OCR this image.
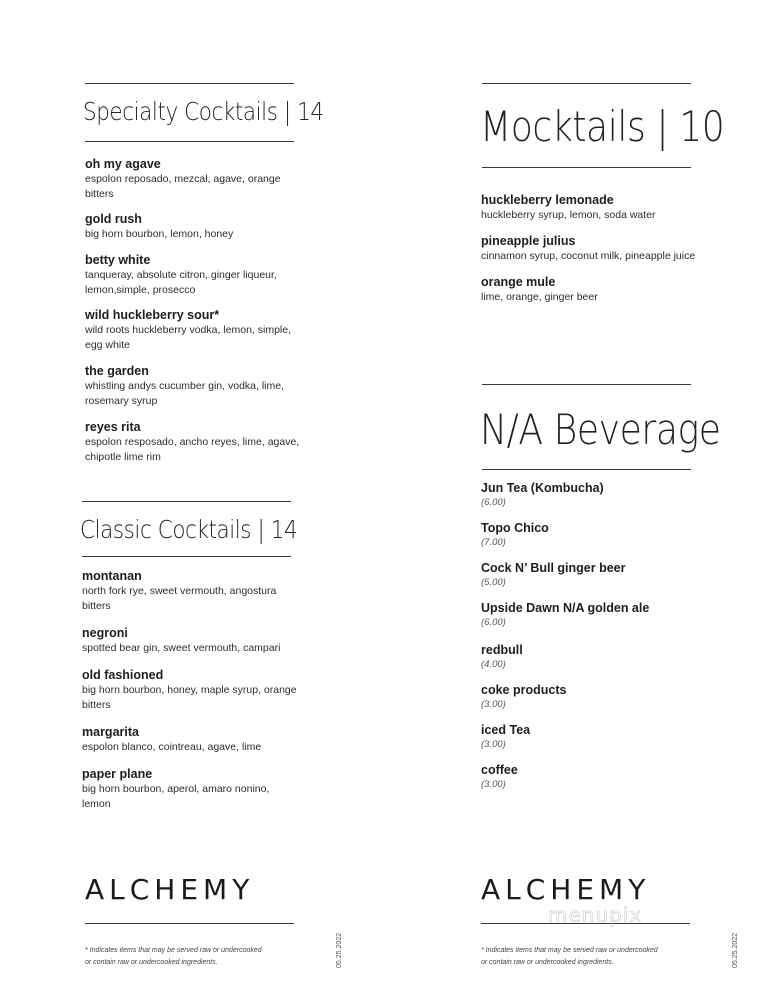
Specialty Cocktails | 14
oh my agave
espolon reposado, mezcal, agave, orange bitters
gold rush
big horn bourbon, lemon, honey
betty white
tanqueray, absolute citron, ginger liqueur, lemon,simple, prosecco
wild huckleberry sour*
wild roots huckleberry vodka, lemon, simple, egg white
the garden
whistling andys cucumber gin, vodka, lime, rosemary syrup
reyes rita
espolon resposado, ancho reyes, lime, agave, chipotle lime rim
Classic Cocktails | 14
montanan
north fork rye, sweet vermouth, angostura bitters
negroni
spotted bear gin, sweet vermouth, campari
old fashioned
big horn bourbon, honey, maple syrup, orange bitters
margarita
espolon blanco, cointreau, agave, lime
paper plane
big horn bourbon, aperol, amaro nonino, lemon
ALCHEMY
* Indicates items that may be served raw or undercooked
or contain raw or undercooked ingredients.	05.25.2022
Mocktails | 10
huckleberry lemonade
huckleberry syrup, lemon, soda water
pineapple julius
cinnamon syrup, coconut milk, pineapple juice
orange mule
lime, orange, ginger beer
N/A Beverage
Jun Tea (Kombucha)
(6.00)
Topo Chico
(7.00)
Cock N’ Bull ginger beer
(5.00)
Upside Dawn N/A golden ale
(6.00)
redbull
(4.00)
coke products
(3.00)
iced Tea
(3.00)
coffee
(3.00)
ALCHEMY
menupix
* Indicates items that may be served raw or undercooked
or contain raw or undercooked ingredients.	05.25.2022
